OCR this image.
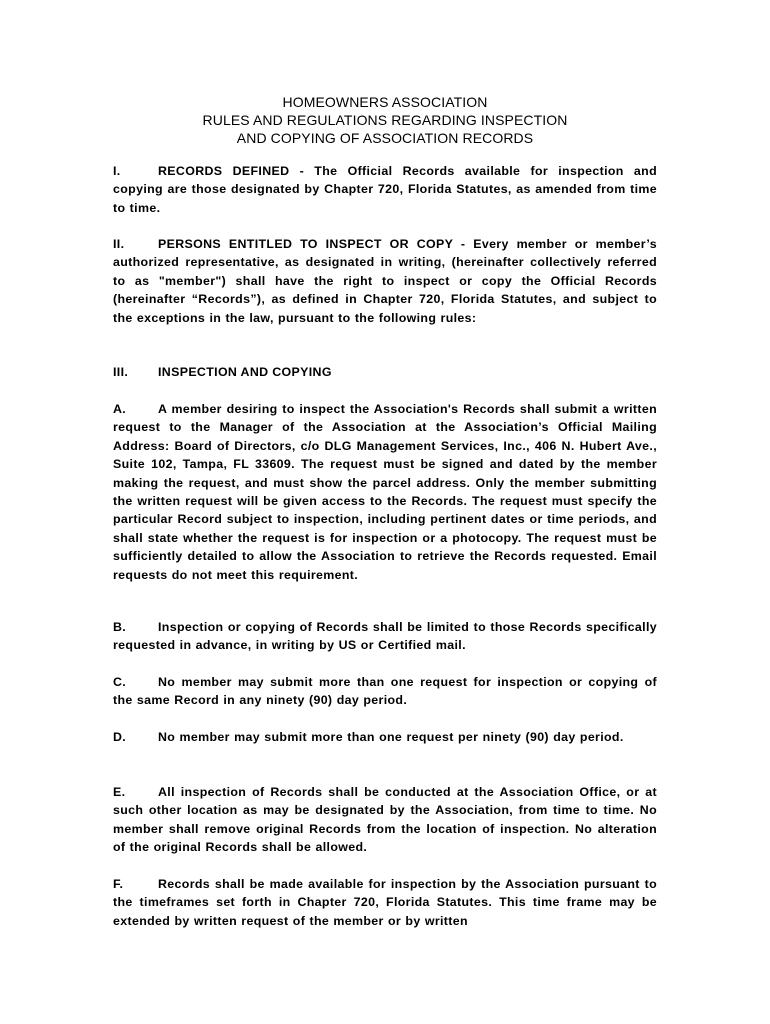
HOMEOWNERS ASSOCIATION
RULES AND REGULATIONS REGARDING INSPECTION
AND COPYING OF ASSOCIATION RECORDS
I.	RECORDS DEFINED - The Official Records available for inspection and copying are those designated by Chapter 720, Florida Statutes, as amended from time to time.
II.	PERSONS ENTITLED TO INSPECT OR COPY - Every member or member’s authorized representative, as designated in writing, (hereinafter collectively referred to as "member") shall have the right to inspect or copy the Official Records (hereinafter “Records”), as defined in Chapter 720, Florida Statutes, and subject to the exceptions in the law, pursuant to the following rules:
III. INSPECTION AND COPYING
A.	A member desiring to inspect the Association's Records shall submit a written request to the Manager of the Association at the Association’s Official Mailing Address: Board of Directors, c/o DLG Management Services, Inc., 406 N. Hubert Ave., Suite 102, Tampa, FL 33609. The request must be signed and dated by the member making the request, and must show the parcel address. Only the member submitting the written request will be given access to the Records. The request must specify the particular Record subject to inspection, including pertinent dates or time periods, and shall state whether the request is for inspection or a photocopy. The request must be sufficiently detailed to allow the Association to retrieve the Records requested. Email requests do not meet this requirement.
B.	Inspection or copying of Records shall be limited to those Records specifically requested in advance, in writing by US or Certified mail.
C.	No member may submit more than one request for inspection or copying of the same Record in any ninety (90) day period.
D.	No member may submit more than one request per ninety (90) day period.
E.	All inspection of Records shall be conducted at the Association Office, or at such other location as may be designated by the Association, from time to time. No member shall remove original Records from the location of inspection. No alteration of the original Records shall be allowed.
F.	Records shall be made available for inspection by the Association pursuant to the timeframes set forth in Chapter 720, Florida Statutes. This time frame may be extended by written request of the member or by written
